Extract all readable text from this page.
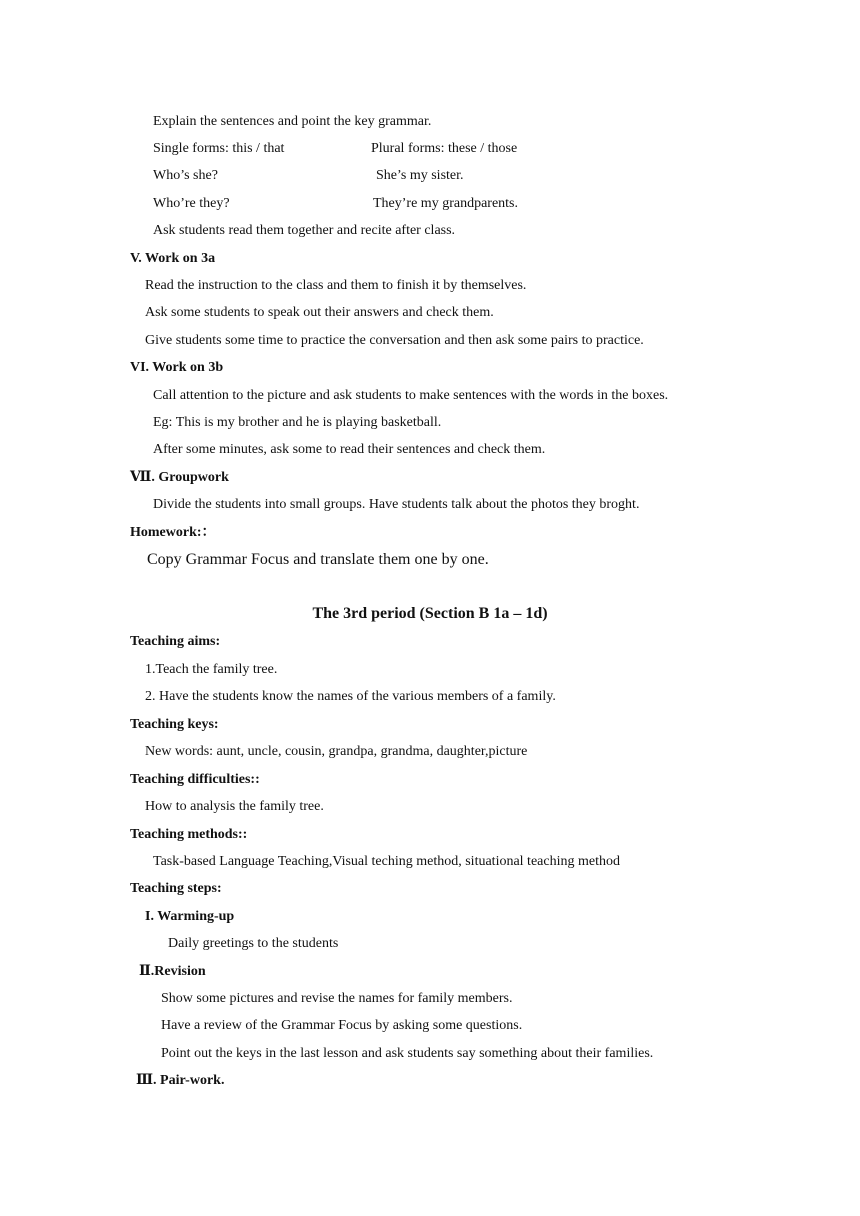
Explain the sentences and point the key grammar.
Single forms: this / that	Plural forms: these / those
Who’s she?	She’s my sister.
Who’re they?	They’re my grandparents.
Ask students read them together and recite after class.
V. Work on 3a
Read the instruction to the class and them to finish it by themselves.
Ask some students to speak out their answers and check them.
Give students some time to practice the conversation and then ask some pairs to practice.
VI. Work on 3b
Call attention to the picture and ask students to make sentences with the words in the boxes.
Eg: This is my brother and he is playing basketball.
After some minutes, ask some to read their sentences and check them.
Ⅶ. Groupwork
Divide the students into small groups. Have students talk about the photos they broght.
Homework:：
Copy Grammar Focus and translate them one by one.
The 3rd period (Section B 1a – 1d)
Teaching aims:
1.Teach the family tree.
2. Have the students know the names of the various members of a family.
Teaching keys:
New words: aunt, uncle, cousin, grandpa, grandma, daughter,picture
Teaching difficulties::
How to analysis the family tree.
Teaching methods::
Task-based Language Teaching,Visual teching method, situational teaching method
Teaching steps:
I. Warming-up
Daily greetings to the students
Ⅱ.Revision
Show some pictures and revise the names for family members.
Have a review of the Grammar Focus by asking some questions.
Point out the keys in the last lesson and ask students say something about their families.
Ⅲ. Pair-work.
